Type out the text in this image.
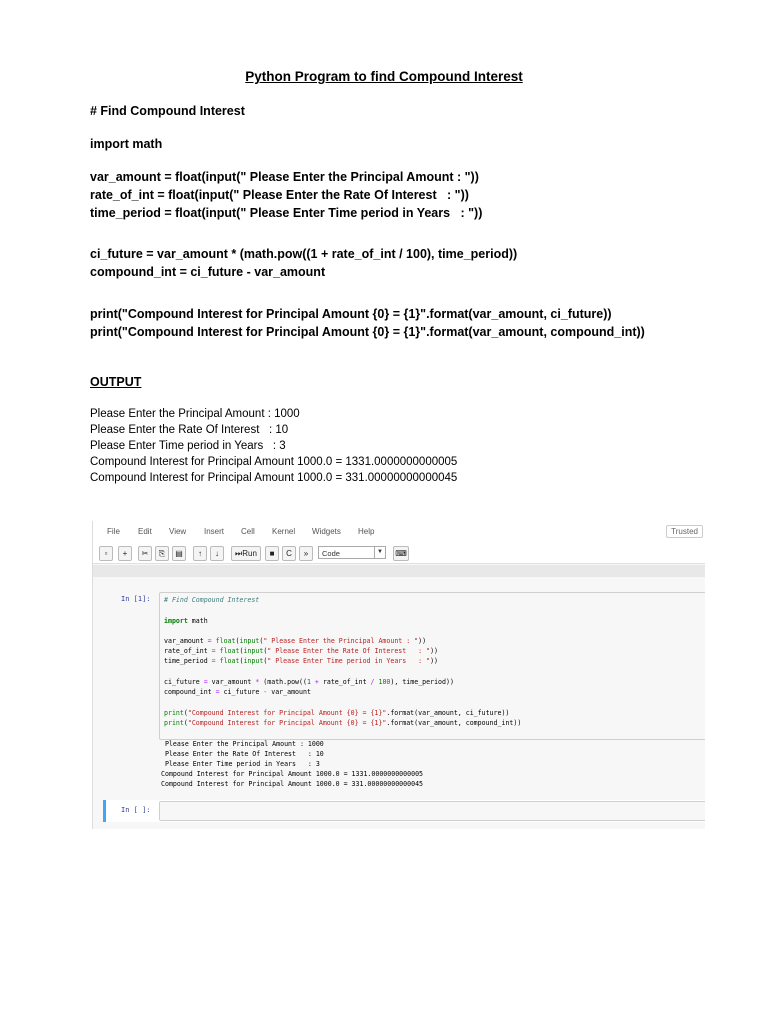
Python Program to find Compound Interest
# Find Compound Interest
import math
var_amount = float(input(" Please Enter the Principal Amount : "))
rate_of_int = float(input(" Please Enter the Rate Of Interest   : "))
time_period = float(input(" Please Enter Time period in Years   : "))
ci_future = var_amount * (math.pow((1 + rate_of_int / 100), time_period))
compound_int = ci_future - var_amount
print("Compound Interest for Principal Amount {0} = {1}".format(var_amount, ci_future))
print("Compound Interest for Principal Amount {0} = {1}".format(var_amount, compound_int))
OUTPUT
Please Enter the Principal Amount : 1000
Please Enter the Rate Of Interest   : 10
Please Enter Time period in Years   : 3
Compound Interest for Principal Amount 1000.0 = 1331.0000000000005
Compound Interest for Principal Amount 1000.0 = 331.00000000000045
File Edit View Insert Cell Kernel Widgets Help	Trusted
▫	+	✂	⎘	▤	↑	↓	⏭Run	■	C	»	Code	▼ ⌨
In [1]: # Find Compound Interest
import math
var_amount = float(input(" Please Enter the Principal Amount : "))
rate_of_int = float(input(" Please Enter the Rate Of Interest   : "))
time_period = float(input(" Please Enter Time period in Years   : "))
ci_future = var_amount * (math.pow((1 + rate_of_int / 100), time_period))
compound_int = ci_future - var_amount
print("Compound Interest for Principal Amount {0} = {1}".format(var_amount, ci_future))
print("Compound Interest for Principal Amount {0} = {1}".format(var_amount, compound_int))
Please Enter the Principal Amount : 1000
Please Enter the Rate Of Interest   : 10
Please Enter Time period in Years   : 3
Compound Interest for Principal Amount 1000.0 = 1331.0000000000005
Compound Interest for Principal Amount 1000.0 = 331.00000000000045
In [ ]:
